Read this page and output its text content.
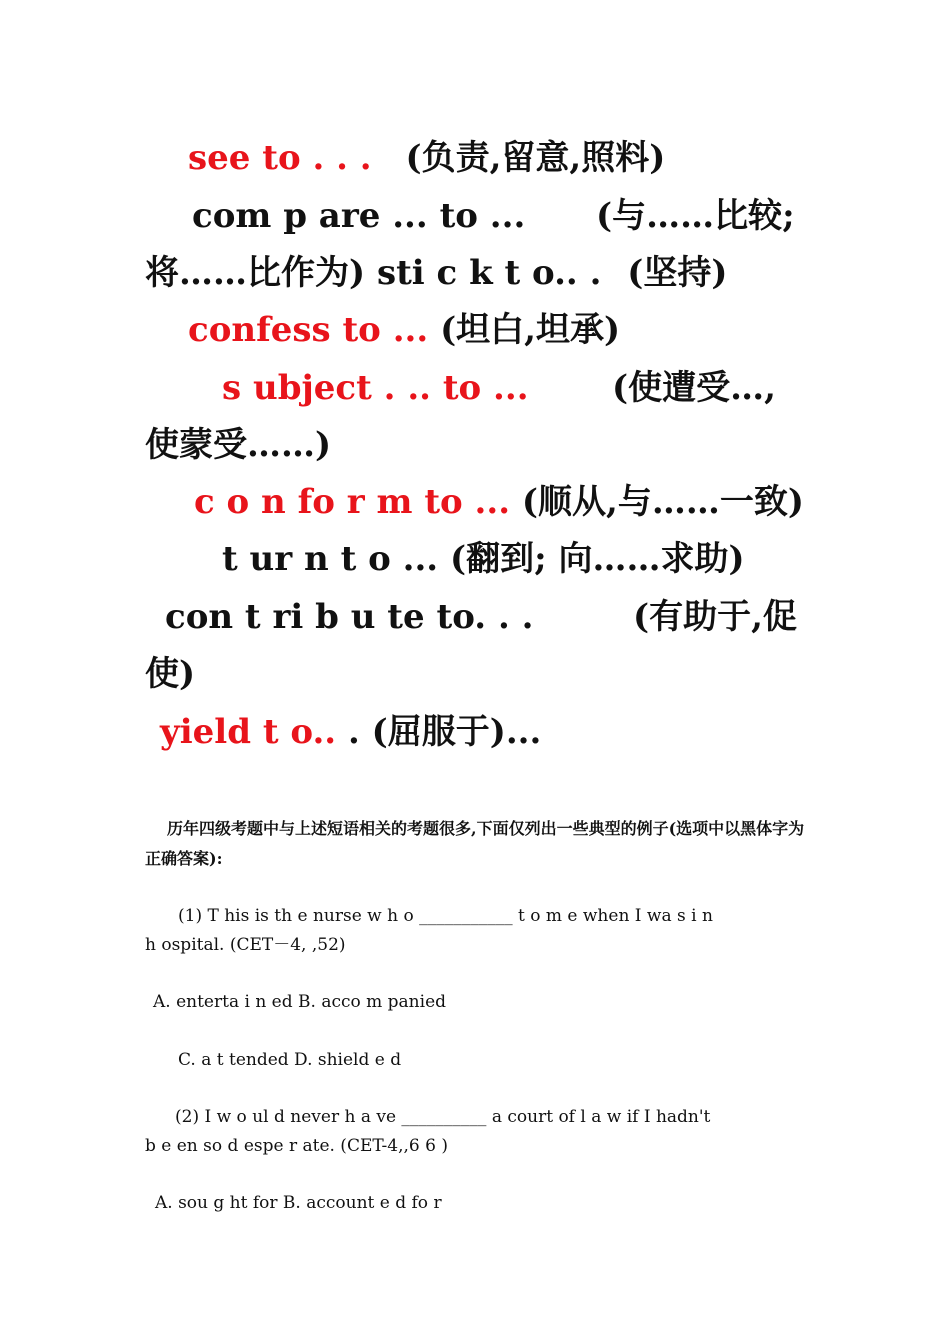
see to . . . (负责,留意,照料)
com p are ... to ... (与……比较;
将……比作为) sti c k t o.. . (坚持)
confess to ... (坦白,坦承)
s ubject . .. to ... (使遭受…,
使蒙受……)
c o n fo r m to ... (顺从,与……一致)
t ur n t o ... (翻到; 向……求助)
con t ri b u te to. . .	(有助于,促
使)
yield t o.. . (屈服于)...
历年四级考题中与上述短语相关的考题很多,下面仅列出一些典型的例子(选项中以黑体字为正确答案):
(1) T his is th e nurse w h o ___________ t o m e when I wa s i n
h ospital. (CET－4, ,52)
A. enterta i n ed B. acco m panied
C. a t tended D. shield e d
(2) I w o ul d never h a ve __________ a court of l a w if I hadn't
b e en so d espe r ate. (CET-4,,6 6 )
A. sou g ht for B. account e d fo r
